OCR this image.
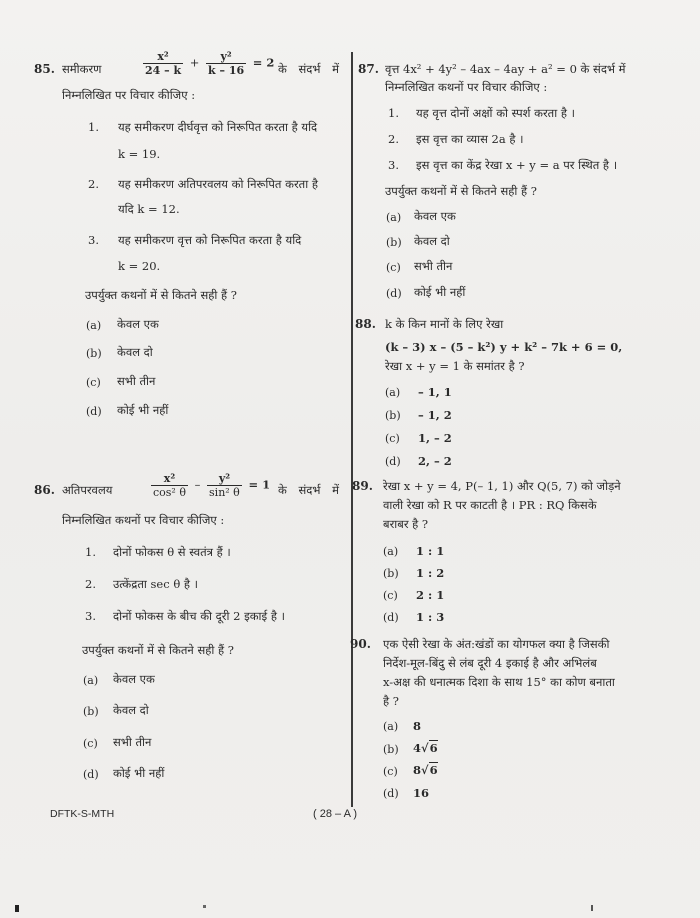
85. समीकरण	$\frac{\text{x²}}{24 - k} + \frac{\text{y²}}{k - 16} = 2$ के संदर्भ में
निम्नलिखित पर विचार कीजिए :
1. यह समीकरण दीर्घवृत्त को निरूपित करता है यदि
k = 19.
2. यह समीकरण अतिपरवलय को निरूपित करता है
यदि k = 12.
3. यह समीकरण वृत्त को निरूपित करता है यदि
k = 20.
उपर्युक्त कथनों में से कितने सही हैं ?
(a) केवल एक
(b) केवल दो
(c) सभी तीन
(d) कोई भी नहीं
86. अतिपरवलय	$\frac{\text{x²}}{\text{cos² θ}} - \frac{\text{y²}}{\text{sin² θ}} = 1$ के संदर्भ में
निम्नलिखित कथनों पर विचार कीजिए :
1. दोनों फोकस θ से स्वतंत्र हैं ।
2. उत्केंद्रता sec θ है ।
3. दोनों फोकस के बीच की दूरी 2 इकाई है ।
उपर्युक्त कथनों में से कितने सही हैं ?
(a) केवल एक
(b) केवल दो
(c) सभी तीन
(d) कोई भी नहीं
87. वृत्त 4x² + 4y² – 4ax – 4ay + a² = 0 के संदर्भ में
निम्नलिखित कथनों पर विचार कीजिए :
1. यह वृत्त दोनों अक्षों को स्पर्श करता है ।
2. इस वृत्त का व्यास 2a है ।
3. इस वृत्त का केंद्र रेखा x + y = a पर स्थित है ।
उपर्युक्त कथनों में से कितने सही हैं ?
(a) केवल एक
(b) केवल दो
(c) सभी तीन
(d) कोई भी नहीं
88. k के किन मानों के लिए रेखा
(k – 3) x – (5 – k²) y + k² – 7k + 6 = 0,
रेखा x + y = 1 के समांतर है ?
(a) – 1, 1
(b) – 1, 2
(c) 1, – 2
(d) 2, – 2
89. रेखा x + y = 4, P(– 1, 1) और Q(5, 7) को जोड़ने
वाली रेखा को R पर काटती है । PR : RQ किसके
बराबर है ?
(a) 1 : 1
(b) 1 : 2
(c) 2 : 1
(d) 1 : 3
90. एक ऐसी रेखा के अंत:खंडों का योगफल क्या है जिसकी
निर्देश-मूल-बिंदु से लंब दूरी 4 इकाई है और अभिलंब
x-अक्ष की धनात्मक दिशा के साथ 15° का कोण बनाता
है ?
(a) 8
(b) 4√6
(c) 8√6
(d) 16
DFTK-S-MTH	( 28 – A )
